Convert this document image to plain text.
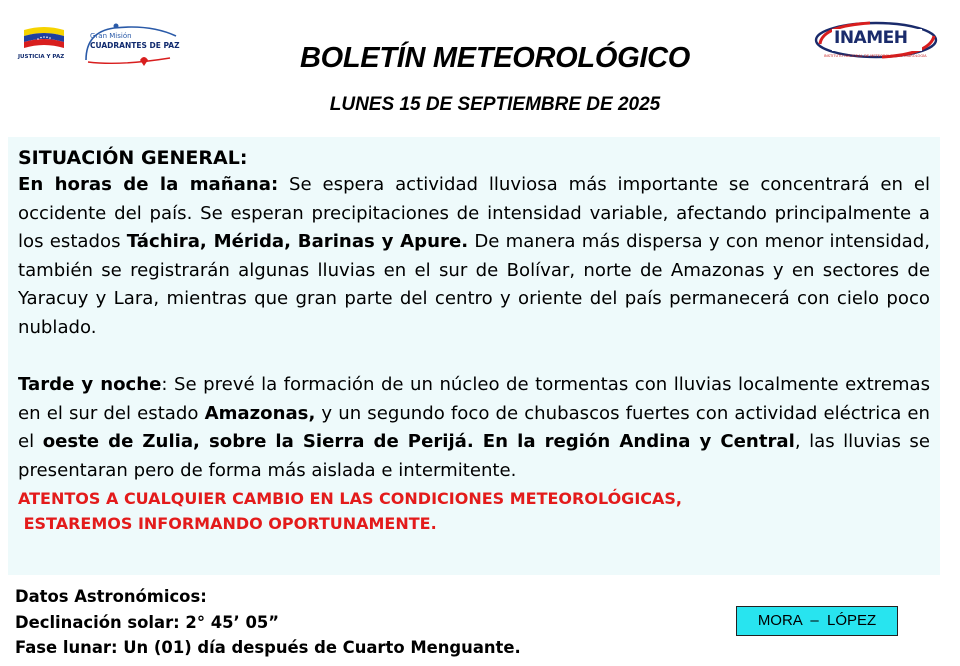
JUSTICIA Y PAZ
Gran Misión
CUADRANTES DE PAZ	INAMEH
INSTITUTO NACIONAL DE METEOROLOGÍA E HIDROLOGÍA
BOLETÍN METEOROLÓGICO
LUNES 15 DE SEPTIEMBRE DE 2025
SITUACIÓN GENERAL:

En horas de la mañana: Se espera actividad lluviosa más importante se concentrará en el occidente del país. Se esperan precipitaciones de intensidad variable, afectando principalmente a los estados Táchira, Mérida, Barinas y Apure. De manera más dispersa y con menor intensidad, también se registrarán algunas lluvias en el sur de Bolívar, norte de Amazonas y en sectores de Yaracuy y Lara, mientras que gran parte del centro y oriente del país permanecerá con cielo poco nublado.

Tarde y noche: Se prevé la formación de un núcleo de tormentas con lluvias localmente extremas en el sur del estado Amazonas, y un segundo foco de chubascos fuertes con actividad eléctrica en el oeste de Zulia, sobre la Sierra de Perijá. En la región Andina y Central, las lluvias se presentaran pero de forma más aislada e intermitente.

ATENTOS A CUALQUIER CAMBIO EN LAS CONDICIONES METEOROLÓGICAS,
ESTAREMOS INFORMANDO OPORTUNAMENTE.
Datos Astronómicos:
Declinación solar: 2° 45’ 05”
Fase lunar: Un (01) día después de Cuarto Menguante.
MORA  –  LÓPEZ
